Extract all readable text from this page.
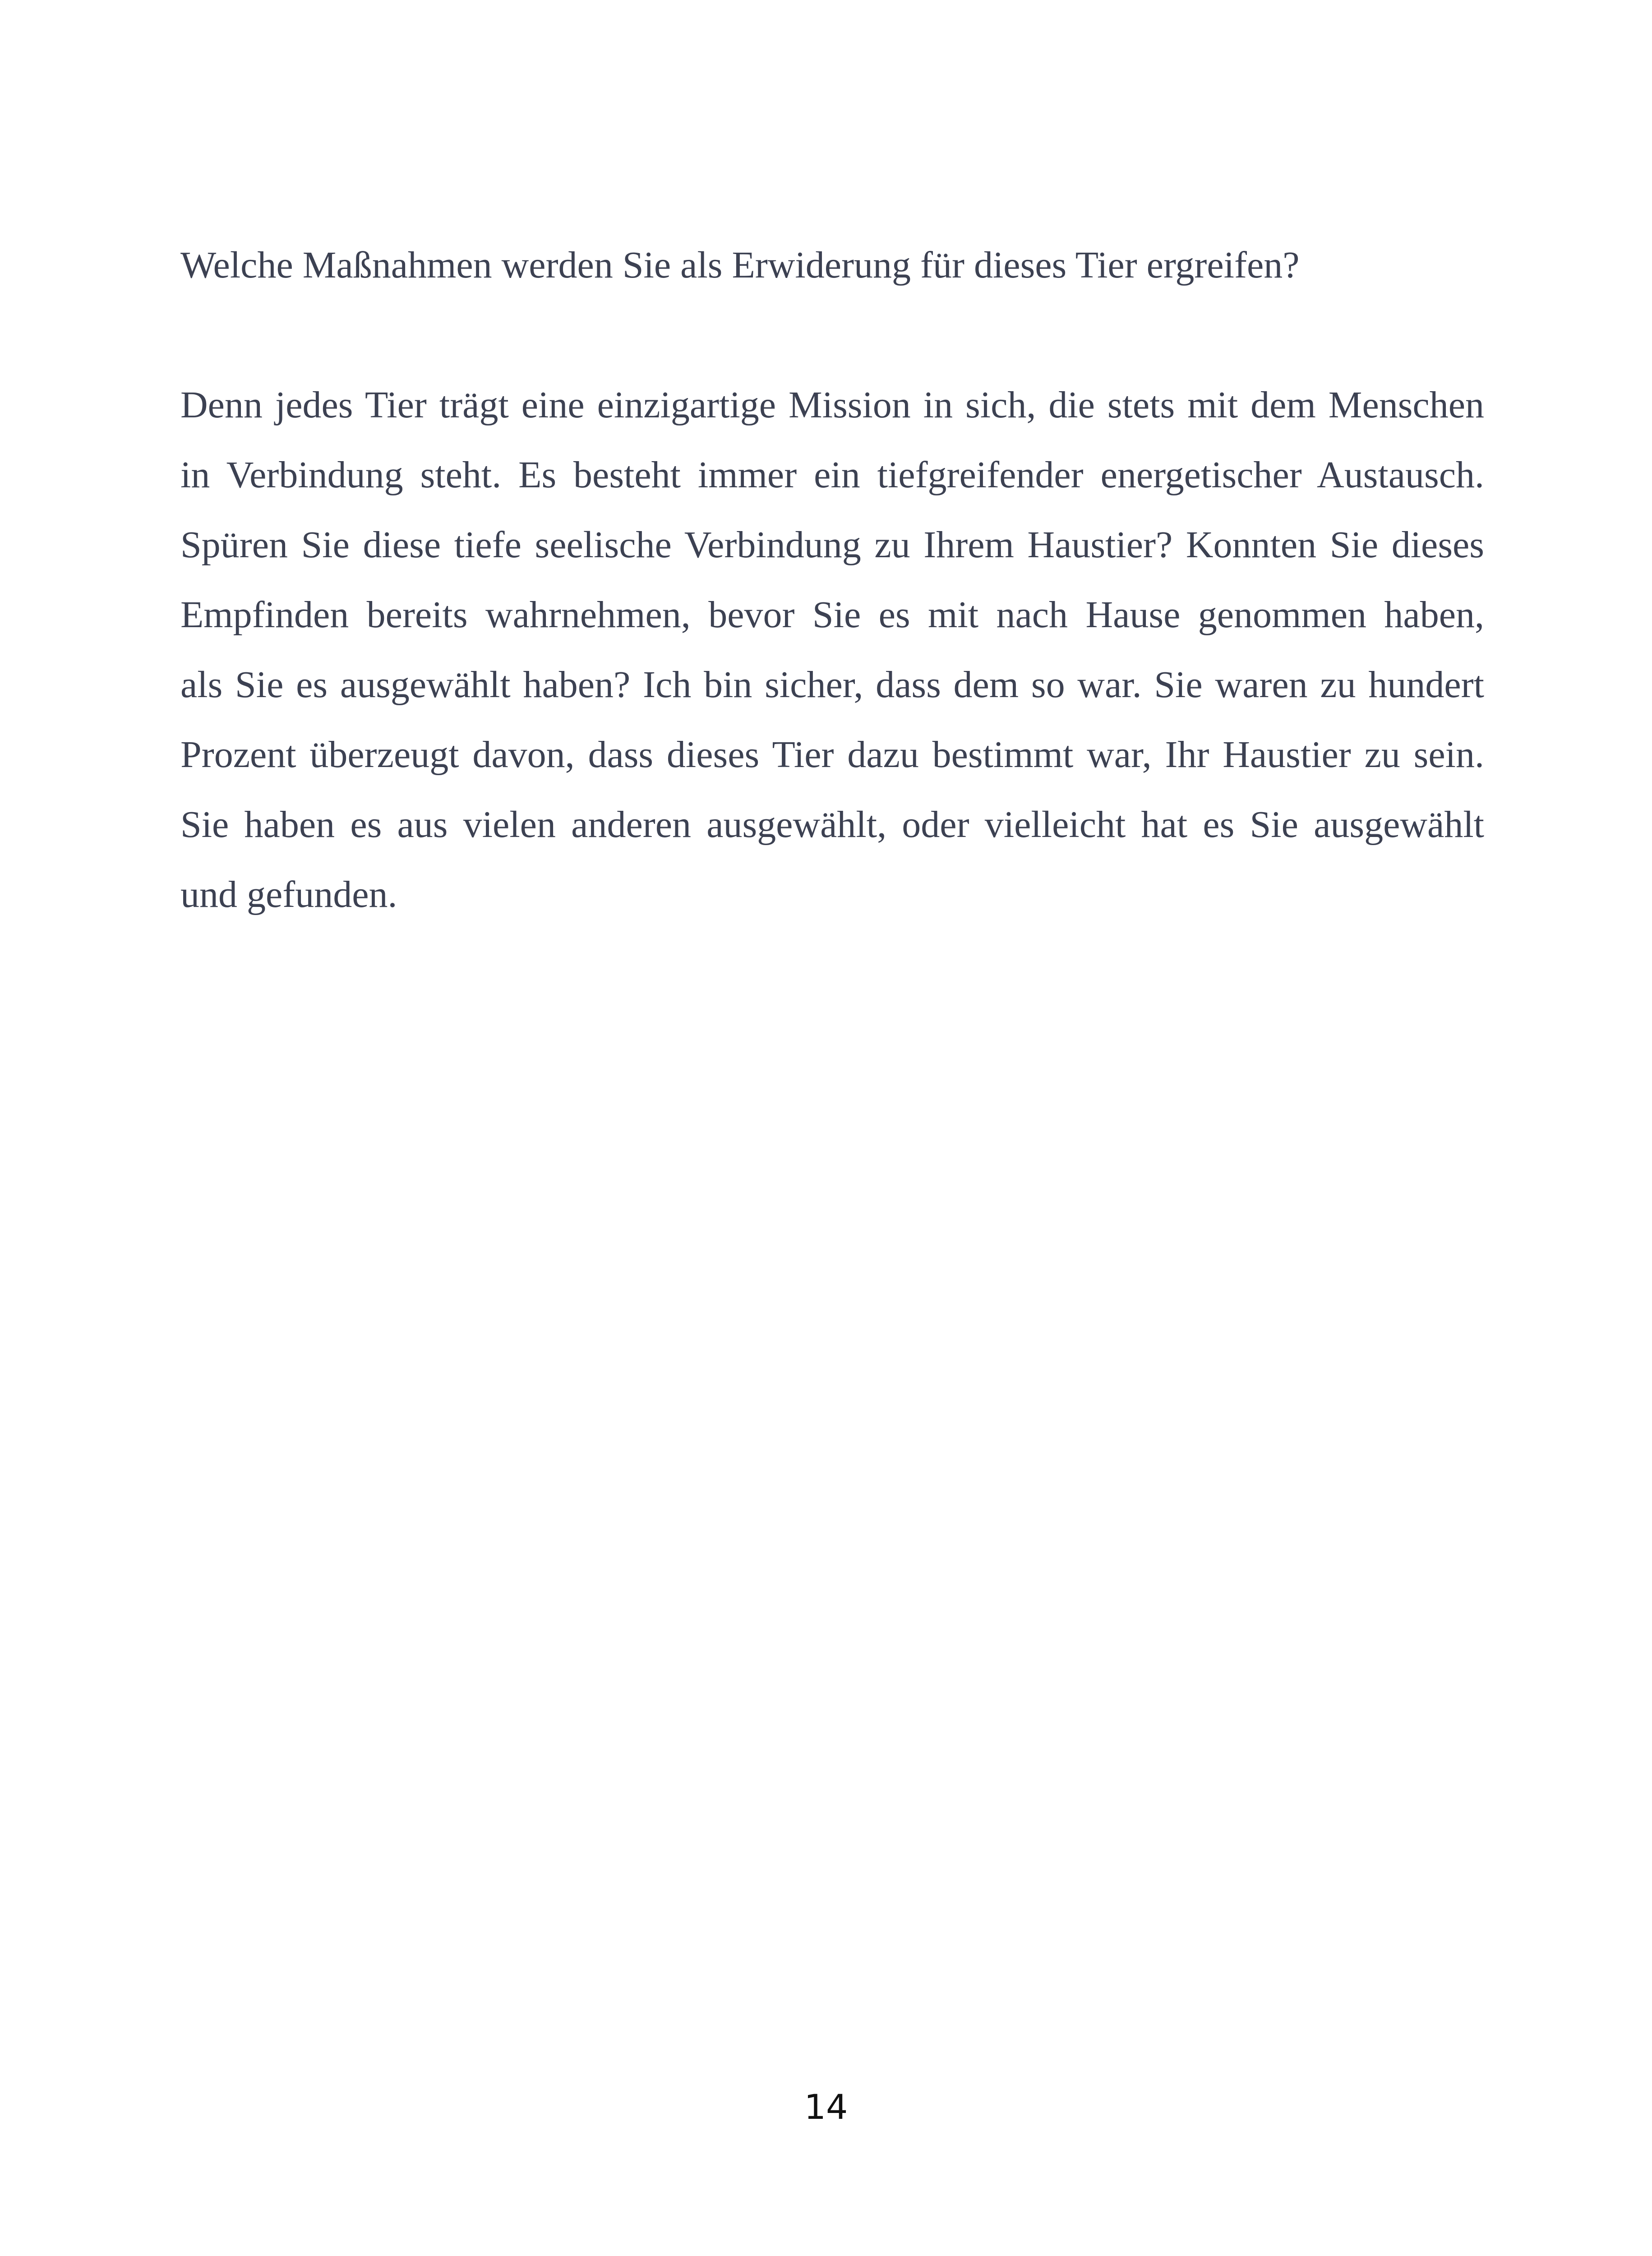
Welche Maßnahmen werden Sie als Erwiderung für dieses Tier ergreifen?

Denn jedes Tier trägt eine einzigartige Mission in sich, die stets mit dem Menschen
in Verbindung steht. Es besteht immer ein tiefgreifender energetischer Austausch.
Spüren Sie diese tiefe seelische Verbindung zu Ihrem Haustier? Konnten Sie dieses
Empfinden bereits wahrnehmen, bevor Sie es mit nach Hause genommen haben,
als Sie es ausgewählt haben? Ich bin sicher, dass dem so war. Sie waren zu hundert
Prozent überzeugt davon, dass dieses Tier dazu bestimmt war, Ihr Haustier zu sein.
Sie haben es aus vielen anderen ausgewählt, oder vielleicht hat es Sie ausgewählt
und gefunden.

14
